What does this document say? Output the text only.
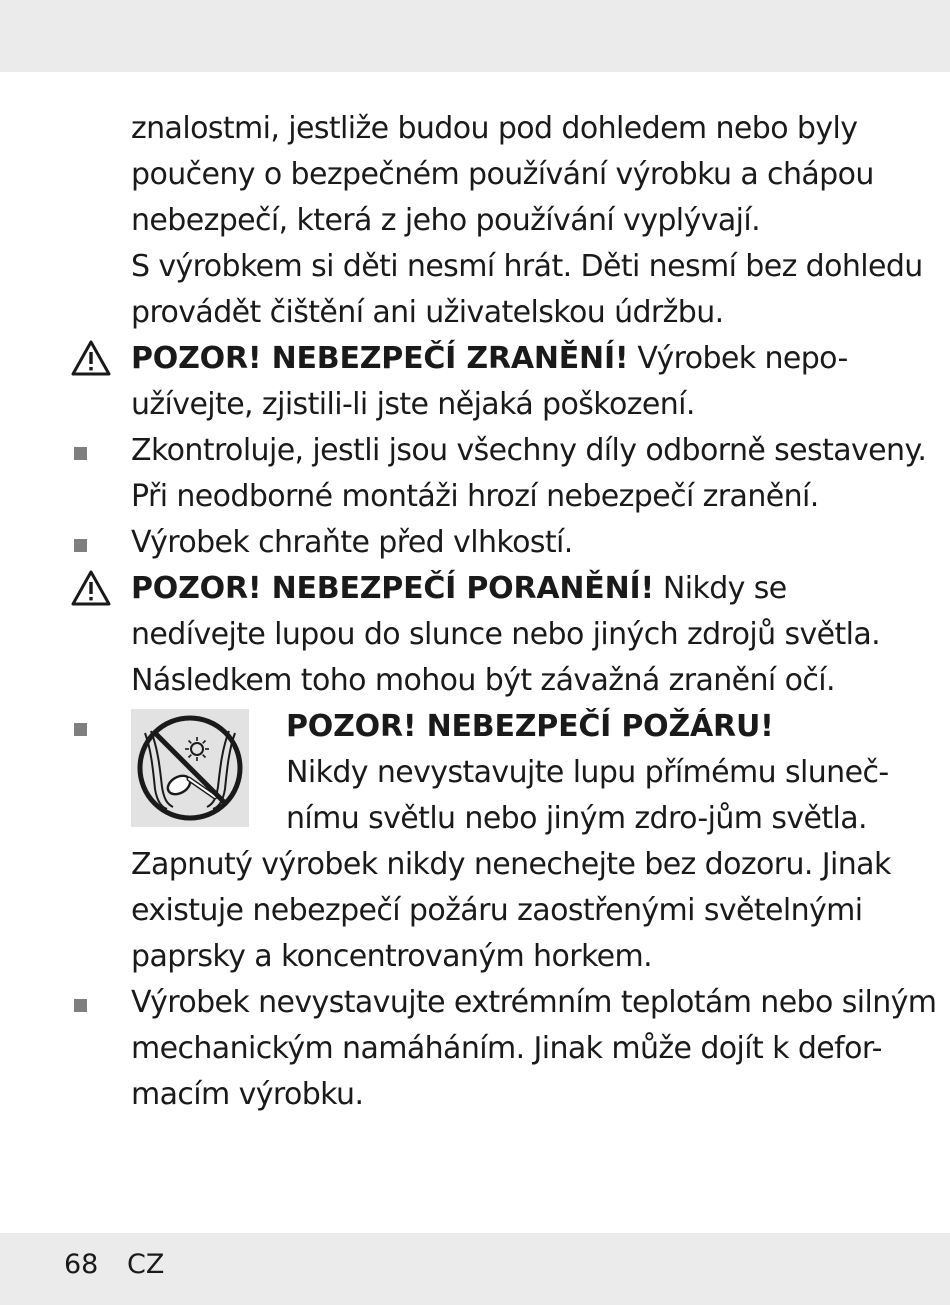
znalostmi, jestliže budou pod dohledem nebo byly
poučeny o bezpečném používání výrobku a chápou
nebezpečí, která z jeho používání vyplývají.
S výrobkem si děti nesmí hrát. Děti nesmí bez dohledu
provádět čištění ani uživatelskou údržbu.
POZOR! NEBEZPEČÍ ZRANĚNÍ! Výrobek nepo-
užívejte, zjistili-li jste nějaká poškození.
Zkontroluje, jestli jsou všechny díly odborně sestaveny.
Při neodborné montáži hrozí nebezpečí zranění.
Výrobek chraňte před vlhkostí.
POZOR! NEBEZPEČÍ PORANĚNÍ! Nikdy se
nedívejte lupou do slunce nebo jiných zdrojů světla.
Následkem toho mohou být závažná zranění očí.
POZOR! NEBEZPEČÍ POŽÁRU!
Nikdy nevystavujte lupu přímému sluneč-
nímu světlu nebo jiným zdro-jům světla.
Zapnutý výrobek nikdy nenechejte bez dozoru. Jinak
existuje nebezpečí požáru zaostřenými světelnými
paprsky a koncentrovaným horkem.
Výrobek nevystavujte extrémním teplotám nebo silným
mechanickým namáháním. Jinak může dojít k defor-
macím výrobku.
68 CZ
